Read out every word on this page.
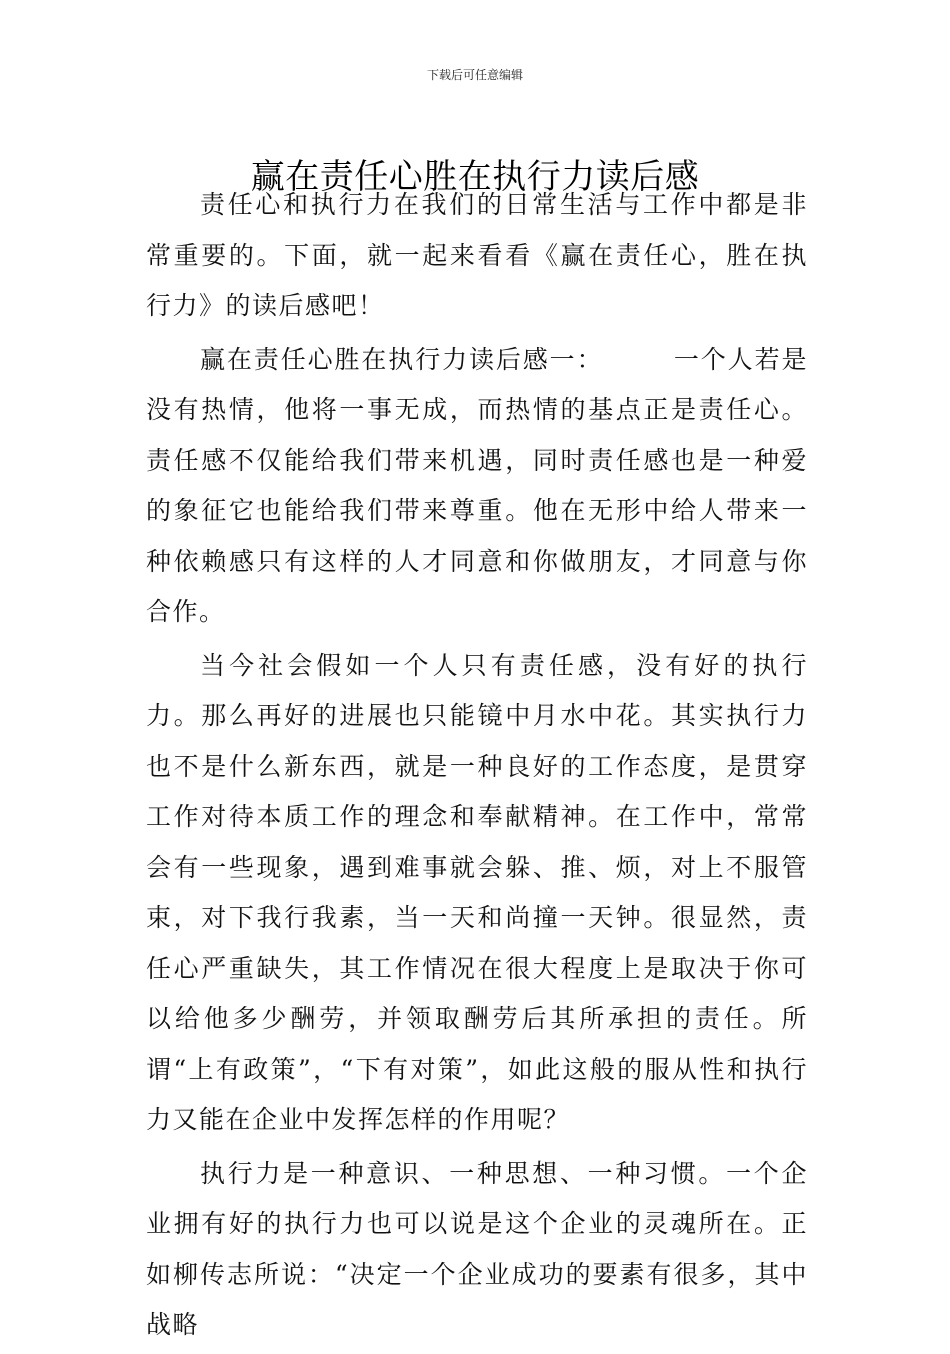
下载后可任意编辑
赢在责任心胜在执行力读后感

责任心和执行力在我们的日常生活与工作中都是非常重要的。下面，就一起来看看《赢在责任心，胜在执行力》的读后感吧！

赢在责任心胜在执行力读后感一：	一个人若是没有热情，他将一事无成，而热情的基点正是责任心。责任感不仅能给我们带来机遇，同时责任感也是一种爱的象征它也能给我们带来尊重。他在无形中给人带来一种依赖感只有这样的人才同意和你做朋友，才同意与你合作。

当今社会假如一个人只有责任感，没有好的执行力。那么再好的进展也只能镜中月水中花。其实执行力也不是什么新东西，就是一种良好的工作态度，是贯穿工作对待本质工作的理念和奉献精神。在工作中，常常会有一些现象，遇到难事就会躲、推、烦，对上不服管束，对下我行我素，当一天和尚撞一天钟。很显然，责任心严重缺失，其工作情况在很大程度上是取决于你可以给他多少酬劳，并领取酬劳后其所承担的责任。所谓“上有政策”，“下有对策”，如此这般的服从性和执行力又能在企业中发挥怎样的作用呢？

执行力是一种意识、一种思想、一种习惯。一个企业拥有好的执行力也可以说是这个企业的灵魂所在。正如柳传志所说：“决定一个企业成功的要素有很多，其中战略
